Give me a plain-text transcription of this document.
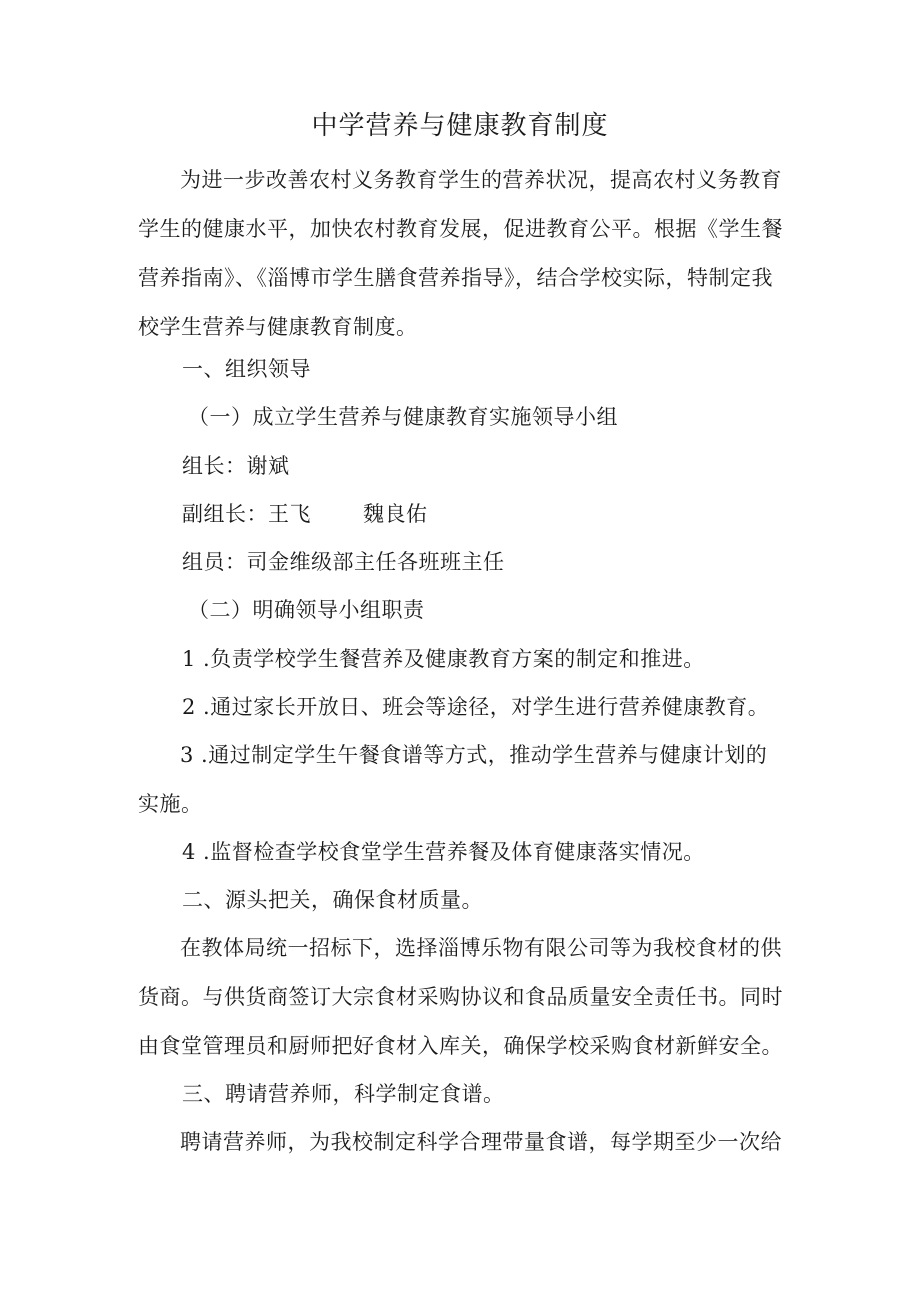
中学营养与健康教育制度

为进一步改善农村义务教育学生的营养状况，提高农村义务教育学生的健康水平，加快农村教育发展，促进教育公平。根据《学生餐营养指南》、《淄博市学生膳食营养指导》，结合学校实际，特制定我校学生营养与健康教育制度。

一、组织领导
（一）成立学生营养与健康教育实施领导小组
组长：谢斌
副组长：王飞 魏良佑
组员：司金维级部主任各班班主任
（二）明确领导小组职责
1 .负责学校学生餐营养及健康教育方案的制定和推进。
2 .通过家长开放日、班会等途径，对学生进行营养健康教育。

3 .通过制定学生午餐食谱等方式，推动学生营养与健康计划的实施。

4 .监督检查学校食堂学生营养餐及体育健康落实情况。
二、源头把关，确保食材质量。

在教体局统一招标下，选择淄博乐物有限公司等为我校食材的供货商。与供货商签订大宗食材采购协议和食品质量安全责任书。同时由食堂管理员和厨师把好食材入库关，确保学校采购食材新鲜安全。

三、聘请营养师，科学制定食谱。

聘请营养师，为我校制定科学合理带量食谱，每学期至少一次给
